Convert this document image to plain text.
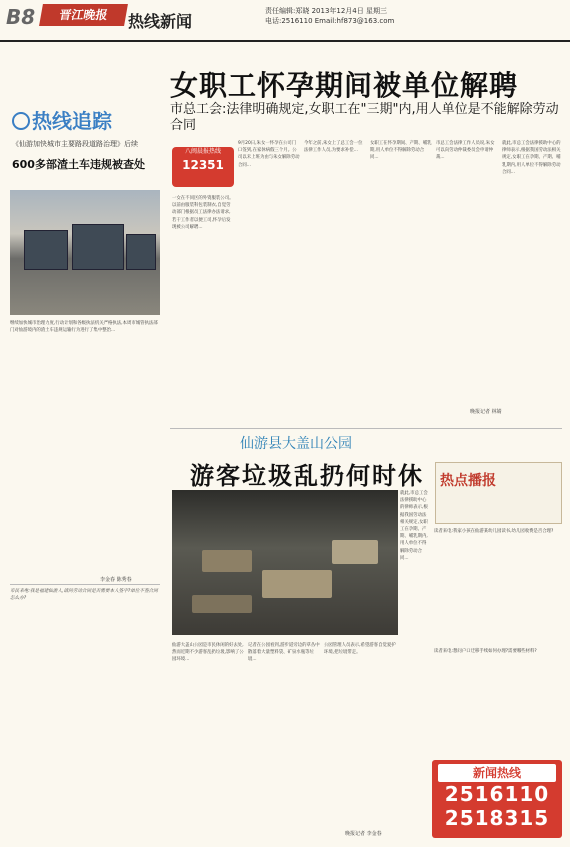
B8	晋江晚报	热线新闻
责任编辑:郑晓 2013年12月4日 星期三
电话:2516110 Email:hf873@163.com
女职工怀孕期间被单位解聘
市总工会:法律明确规定,女职工在"三期"内,用人单位是不能解除劳动合同
热线追踪
《仙游加快城市主要路段道路治理》后续
600多部渣土车违规被查处
继续加快城市治理力度,行动计划和各级执法机关严格执法,本周市城管执法部门对仙游境内的渣土车违规运输行为进行了集中整治...
李金春 陈秀春
市民来电:我是福建仙游人,请问劳动合同是否需要本人签字?单位不签合同怎么办?
八闽晨报热线
12351
一女在不同区的外资服装公司。以前由服装科包装制衣,自觉劳动部门根据员工法律办法请求,若干工作者以便工司,怀孕后发现被公司解聘...
9月20日,朱女一怀孕在公司门口签到,在家休病假三个月。公司以未上班为由与朱女解除劳动合同...
今年之前,朱女上了总工会一位法律工作人员,为要求补偿...
女职工在怀孕期间、产期、哺乳期,用人单位不得解除劳动合同...
市总工会法律工作人员说,朱女可以向劳动仲裁委员会申请仲裁...
晚报记者 林婧
就此,市总工会法律援助中心的律师表示,根据我国劳动法相关规定,女职工在孕期、产期、哺乳期内,用人单位不得解除劳动合同...
仙游县大盖山公园
游客垃圾乱扔何时休
仙游大盖山公园是市民休闲的好去处,然而近期不少游客乱扔垃圾,影响了公园环境...
记者在公园看到,游步道旁边的草丛中散落着大量塑料袋、矿泉水瓶等垃圾...
公园管理人员表示,希望游客自觉爱护环境,把垃圾带走。
晚报记者 李金春
就此,市总工会法律援助中心的律师表示,根据我国劳动法相关规定,女职工在孕期、产期、哺乳期内,用人单位不得解除劳动合同...
热点播报
读者来电:我家小孩在仙游某幼儿园读书,幼儿园收费是否合理?
读者来电:想问户口迁移手续如何办理?需要哪些材料?
新闻热线
2516110
2518315
